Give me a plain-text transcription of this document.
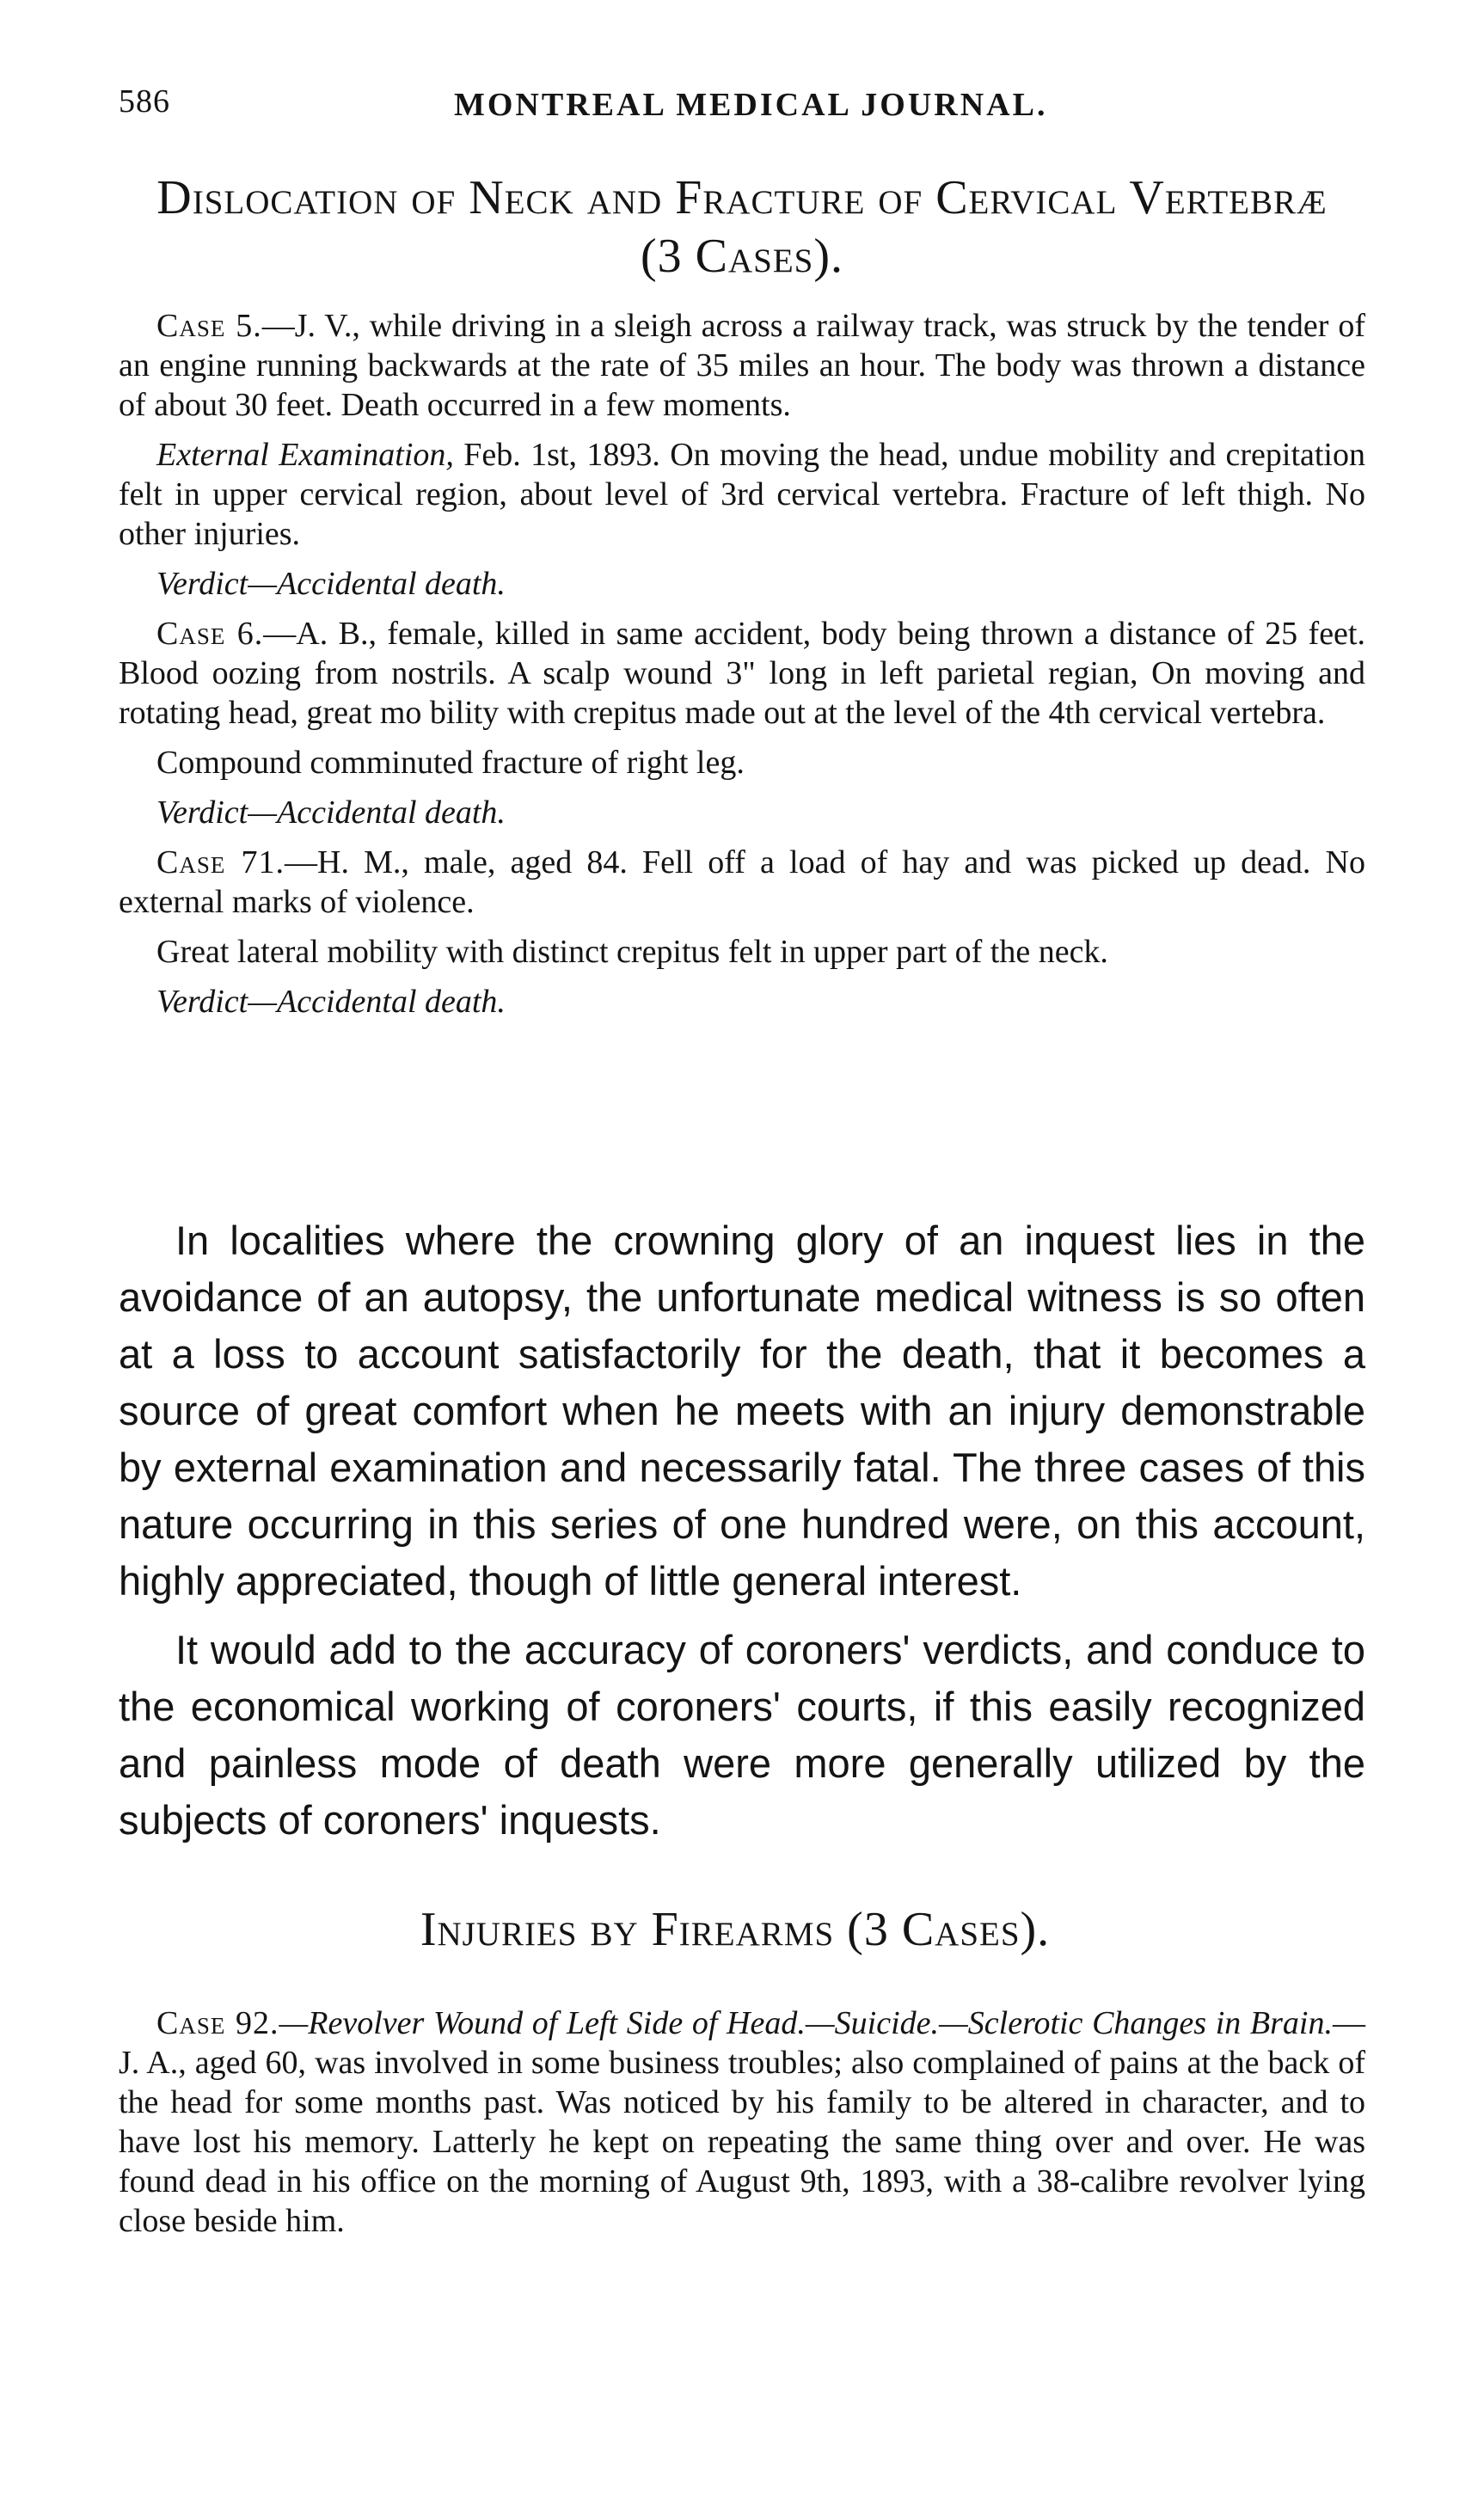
586	MONTREAL MEDICAL JOURNAL.
Dislocation of Neck and Fracture of Cervical Vertebræ
(3 Cases).

Case 5.—J. V., while driving in a sleigh across a railway track, was struck by the tender of an engine running backwards at the rate of 35 miles an hour. The body was thrown a distance of about 30 feet. Death occurred in a few moments.

External Examination, Feb. 1st, 1893. On moving the head, undue mobility and crepitation felt in upper cervical region, about level of 3rd cervical vertebra. Fracture of left thigh. No other injuries.

Verdict—Accidental death.

Case 6.—A. B., female, killed in same accident, body being thrown a distance of 25 feet. Blood oozing from nostrils. A scalp wound 3" long in left parietal regian, On moving and rotating head, great mo bility with crepitus made out at the level of the 4th cervical vertebra.

Compound comminuted fracture of right leg.

Verdict—Accidental death.

Case 71.—H. M., male, aged 84. Fell off a load of hay and was picked up dead. No external marks of violence.

Great lateral mobility with distinct crepitus felt in upper part of the neck.

Verdict—Accidental death.

In localities where the crowning glory of an inquest lies in the avoidance of an autopsy, the unfortunate medical witness is so often at a loss to account satisfactorily for the death, that it becomes a source of great comfort when he meets with an injury demonstrable by external examination and necessarily fatal. The three cases of this nature occurring in this series of one hundred were, on this account, highly appreciated, though of little general interest.

It would add to the accuracy of coroners' verdicts, and conduce to the economical working of coroners' courts, if this easily recognized and painless mode of death were more generally utilized by the subjects of coroners' inquests.

Injuries by Firearms (3 Cases).

Case 92.—Revolver Wound of Left Side of Head.—Suicide.—Sclerotic Changes in Brain.—J. A., aged 60, was involved in some business troubles; also complained of pains at the back of the head for some months past. Was noticed by his family to be altered in character, and to have lost his memory. Latterly he kept on repeating the same thing over and over. He was found dead in his office on the morning of August 9th, 1893, with a 38-calibre revolver lying close beside him.
